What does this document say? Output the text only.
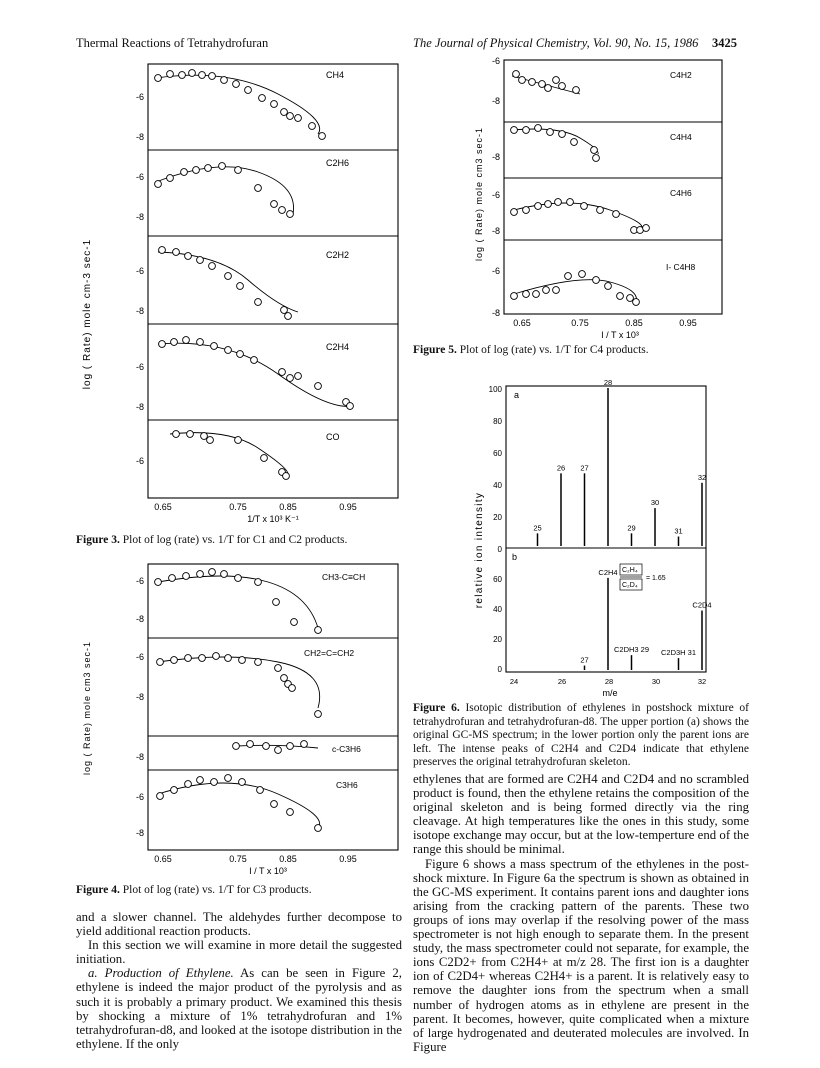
Thermal Reactions of Tetrahydrofuran	The Journal of Physical Chemistry, Vol. 90, No. 15, 1986 3425
log ( Rate) mole cm-3 sec-1
-6
-8
-6
-8
-6
-8
-6
-8
-6
CH4
C2H6
C2H2
C2H4
CO
0.65	0.75	0.85	0.95
1/T x 10³ K⁻¹
Figure 3. Plot of log (rate) vs. 1/T for C1 and C2 products.
log ( Rate) mole cm3 sec-1
-6
-8
-6
-8
-8
-6
-8
CH3-C≡CH
CH2=C=CH2
c-C3H6
C3H6
0.65	0.75	0.85	0.95
I / T x 10³
Figure 4. Plot of log (rate) vs. 1/T for C3 products.

and a slower channel. The aldehydes further decompose to yield additional reaction products.

In this section we will examine in more detail the suggested initiation.

a. Production of Ethylene. As can be seen in Figure 2, ethylene is indeed the major product of the pyrolysis and as such it is probably a primary product. We examined this thesis by shocking a mixture of 1% tetrahydrofuran and 1% tetrahydrofuran-d8, and looked at the isotope distribution in the ethylene. If the only

log ( Rate) mole cm3 sec-1
-6
-8
-8
-6
-8
-6
-8
C4H2
C4H4
C4H6
I- C4H8
0.65	0.75	0.85	0.95
I / T x 10³
Figure 5. Plot of log (rate) vs. 1/T for C4 products.
relative ion intensity
a
b
100
80
60
40
20
0
60
40
20
0
25
26 27
28
29
30
31
32
27
C2H4
C2DH3 29 C2D3H 31
C2D4
24	26	28	30	32
m/e
C₂H₄
C₂D₄
= 1.65
Figure 6. Isotopic distribution of ethylenes in postshock mixture of tetrahydrofuran and tetrahydrofuran-d8. The upper portion (a) shows the original GC-MS spectrum; in the lower portion only the parent ions are left. The intense peaks of C2H4 and C2D4 indicate that ethylene preserves the original tetrahydrofuran skeleton.

ethylenes that are formed are C2H4 and C2D4 and no scrambled product is found, then the ethylene retains the composition of the original skeleton and is being formed directly via the ring cleavage. At high temperatures like the ones in this study, some isotope exchange may occur, but at the low-temperture end of the range this should be minimal.

Figure 6 shows a mass spectrum of the ethylenes in the post-shock mixture. In Figure 6a the spectrum is shown as obtained in the GC-MS experiment. It contains parent ions and daughter ions arising from the cracking pattern of the parents. These two groups of ions may overlap if the resolving power of the mass spectrometer is not high enough to separate them. In the present study, the mass spectrometer could not separate, for example, the ions C2D2+ from C2H4+ at m/z 28. The first ion is a daughter ion of C2D4+ whereas C2H4+ is a parent. It is relatively easy to remove the daughter ions from the spectrum when a small number of hydrogen atoms as in ethylene are present in the parent. It becomes, however, quite complicated when a mixture of large hydrogenated and deuterated molecules are involved. In Figure
